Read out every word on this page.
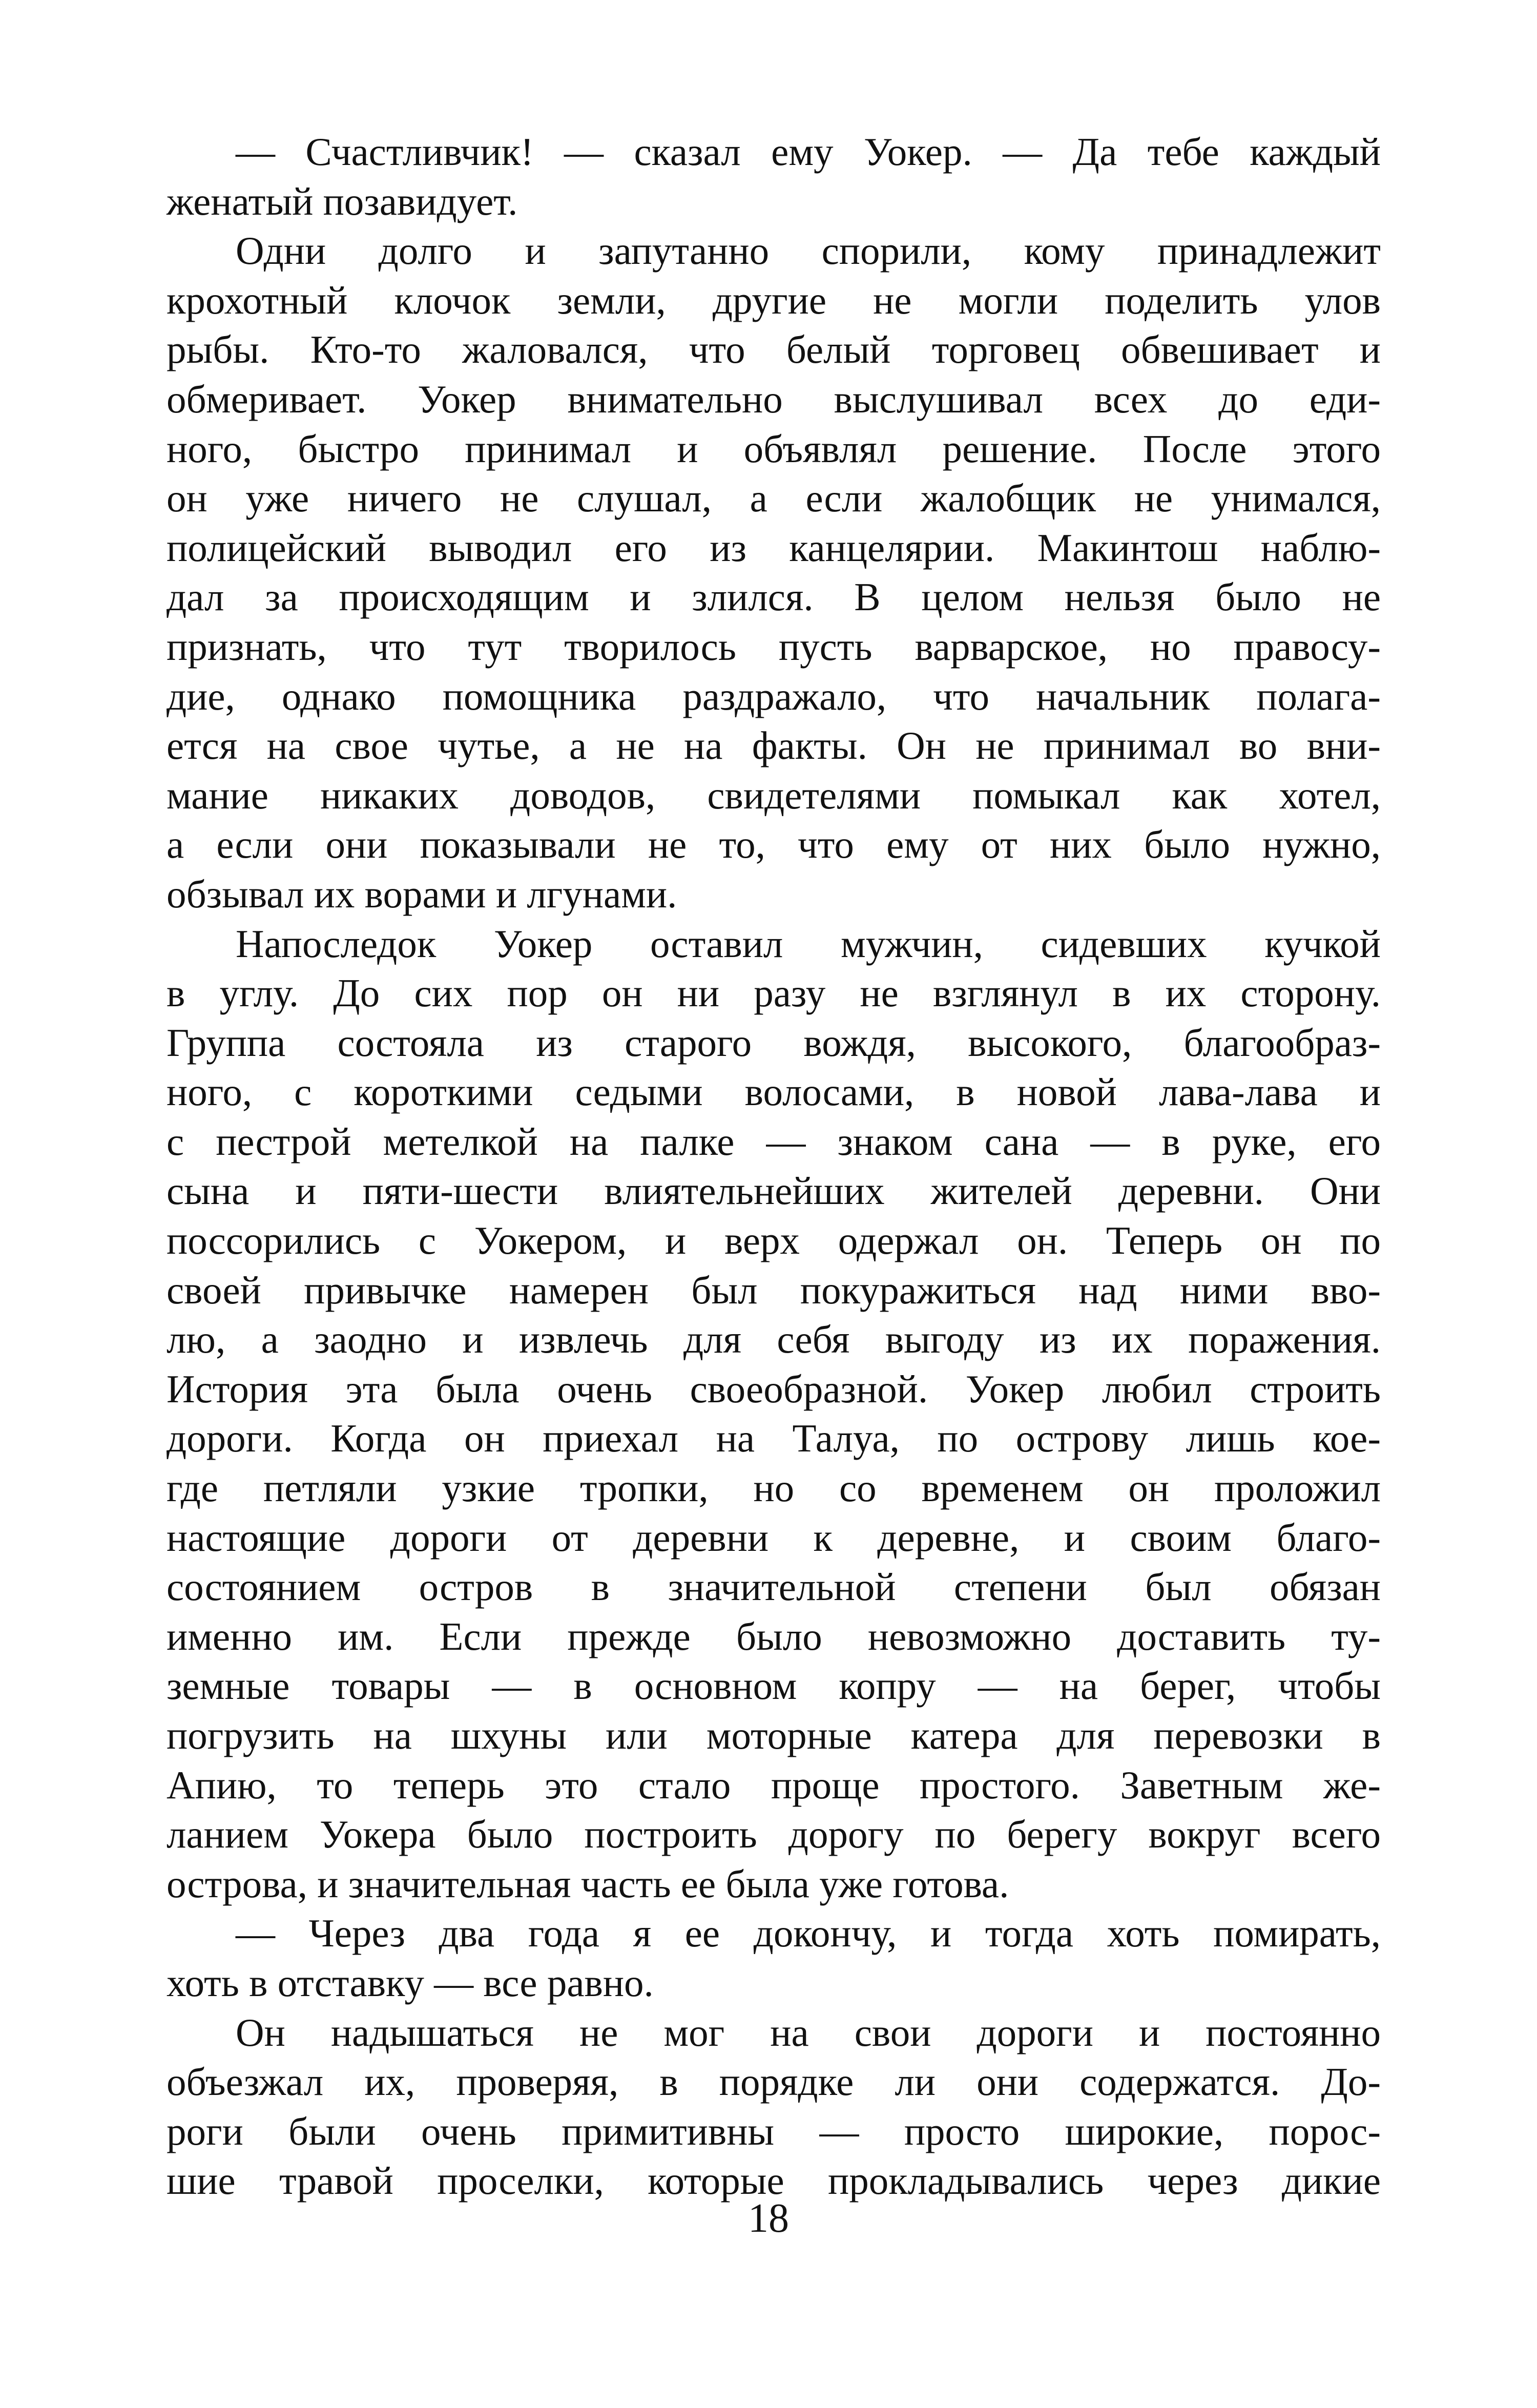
— Счастливчик! — сказал ему Уокер. — Да тебе каждый
женатый позавидует.
Одни долго и запутанно спорили, кому принадлежит
крохотный клочок земли, другие не могли поделить улов
рыбы. Кто-то жаловался, что белый торговец обвешивает и
обмеривает. Уокер внимательно выслушивал всех до еди-
ного, быстро принимал и объявлял решение. После этого
он уже ничего не слушал, а если жалобщик не унимался,
полицейский выводил его из канцелярии. Макинтош наблю-
дал за происходящим и злился. В целом нельзя было не
признать, что тут творилось пусть варварское, но правосу-
дие, однако помощника раздражало, что начальник полага-
ется на свое чутье, а не на факты. Он не принимал во вни-
мание никаких доводов, свидетелями помыкал как хотел,
а если они показывали не то, что ему от них было нужно,
обзывал их ворами и лгунами.
Напоследок Уокер оставил мужчин, сидевших кучкой
в углу. До сих пор он ни разу не взглянул в их сторону.
Группа состояла из старого вождя, высокого, благообраз-
ного, с короткими седыми волосами, в новой лава-лава и
с пестрой метелкой на палке — знаком сана — в руке, его
сына и пяти-шести влиятельнейших жителей деревни. Они
поссорились с Уокером, и верх одержал он. Теперь он по
своей привычке намерен был покуражиться над ними вво-
лю, а заодно и извлечь для себя выгоду из их поражения.
История эта была очень своеобразной. Уокер любил строить
дороги. Когда он приехал на Талуа, по острову лишь кое-
где петляли узкие тропки, но со временем он проложил
настоящие дороги от деревни к деревне, и своим благо-
состоянием остров в значительной степени был обязан
именно им. Если прежде было невозможно доставить ту-
земные товары — в основном копру — на берег, чтобы
погрузить на шхуны или моторные катера для перевозки в
Апию, то теперь это стало проще простого. Заветным же-
ланием Уокера было построить дорогу по берегу вокруг всего
острова, и значительная часть ее была уже готова.
— Через два года я ее докончу, и тогда хоть помирать,
хоть в отставку — все равно.
Он надышаться не мог на свои дороги и постоянно
объезжал их, проверяя, в порядке ли они содержатся. До-
роги были очень примитивны — просто широкие, порос-
шие травой проселки, которые прокладывались через дикие
18
